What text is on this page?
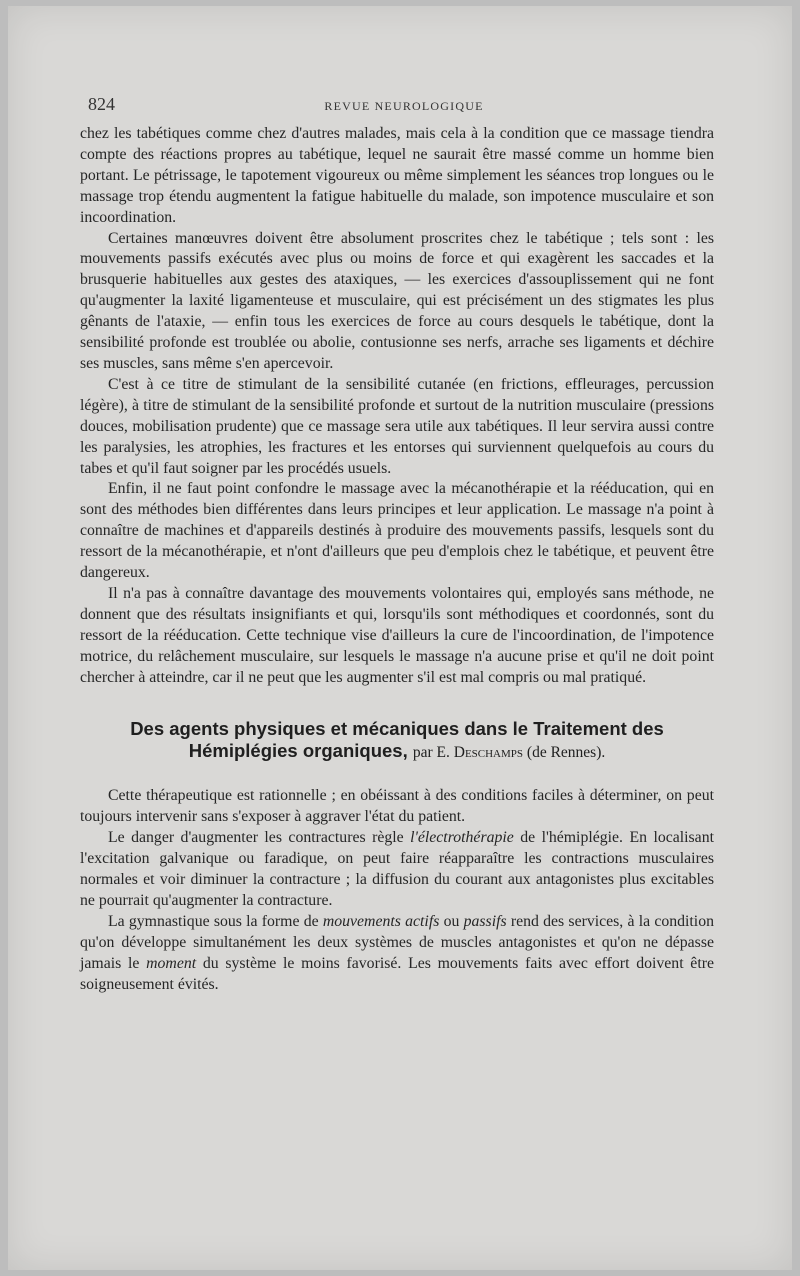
824	REVUE NEUROLOGIQUE

chez les tabétiques comme chez d'autres malades, mais cela à la condition que ce massage tiendra compte des réactions propres au tabétique, lequel ne saurait être massé comme un homme bien portant. Le pétrissage, le tapotement vigoureux ou même simplement les séances trop longues ou le massage trop étendu augmentent la fatigue habituelle du malade, son impotence musculaire et son incoordination.

Certaines manœuvres doivent être absolument proscrites chez le tabétique ; tels sont : les mouvements passifs exécutés avec plus ou moins de force et qui exagèrent les saccades et la brusquerie habituelles aux gestes des ataxiques, — les exercices d'assouplissement qui ne font qu'augmenter la laxité ligamenteuse et musculaire, qui est précisément un des stigmates les plus gênants de l'ataxie, — enfin tous les exercices de force au cours desquels le tabétique, dont la sensibilité profonde est troublée ou abolie, contusionne ses nerfs, arrache ses ligaments et déchire ses muscles, sans même s'en apercevoir.

C'est à ce titre de stimulant de la sensibilité cutanée (en frictions, effleurages, percussion légère), à titre de stimulant de la sensibilité profonde et surtout de la nutrition musculaire (pressions douces, mobilisation prudente) que ce massage sera utile aux tabétiques. Il leur servira aussi contre les paralysies, les atrophies, les fractures et les entorses qui surviennent quelquefois au cours du tabes et qu'il faut soigner par les procédés usuels.

Enfin, il ne faut point confondre le massage avec la mécanothérapie et la rééducation, qui en sont des méthodes bien différentes dans leurs principes et leur application. Le massage n'a point à connaître de machines et d'appareils destinés à produire des mouvements passifs, lesquels sont du ressort de la mécanothérapie, et n'ont d'ailleurs que peu d'emplois chez le tabétique, et peuvent être dangereux.

Il n'a pas à connaître davantage des mouvements volontaires qui, employés sans méthode, ne donnent que des résultats insignifiants et qui, lorsqu'ils sont méthodiques et coordonnés, sont du ressort de la rééducation. Cette technique vise d'ailleurs la cure de l'incoordination, de l'impotence motrice, du relâchement musculaire, sur lesquels le massage n'a aucune prise et qu'il ne doit point chercher à atteindre, car il ne peut que les augmenter s'il est mal compris ou mal pratiqué.

Des agents physiques et mécaniques dans le Traitement des Hémiplégies organiques, par E. Deschamps (de Rennes).

Cette thérapeutique est rationnelle ; en obéissant à des conditions faciles à déterminer, on peut toujours intervenir sans s'exposer à aggraver l'état du patient.

Le danger d'augmenter les contractures règle l'électrothérapie de l'hémiplégie. En localisant l'excitation galvanique ou faradique, on peut faire réapparaître les contractions musculaires normales et voir diminuer la contracture ; la diffusion du courant aux antagonistes plus excitables ne pourrait qu'augmenter la contracture.

La gymnastique sous la forme de mouvements actifs ou passifs rend des services, à la condition qu'on développe simultanément les deux systèmes de muscles antagonistes et qu'on ne dépasse jamais le moment du système le moins favorisé. Les mouvements faits avec effort doivent être soigneusement évités.
